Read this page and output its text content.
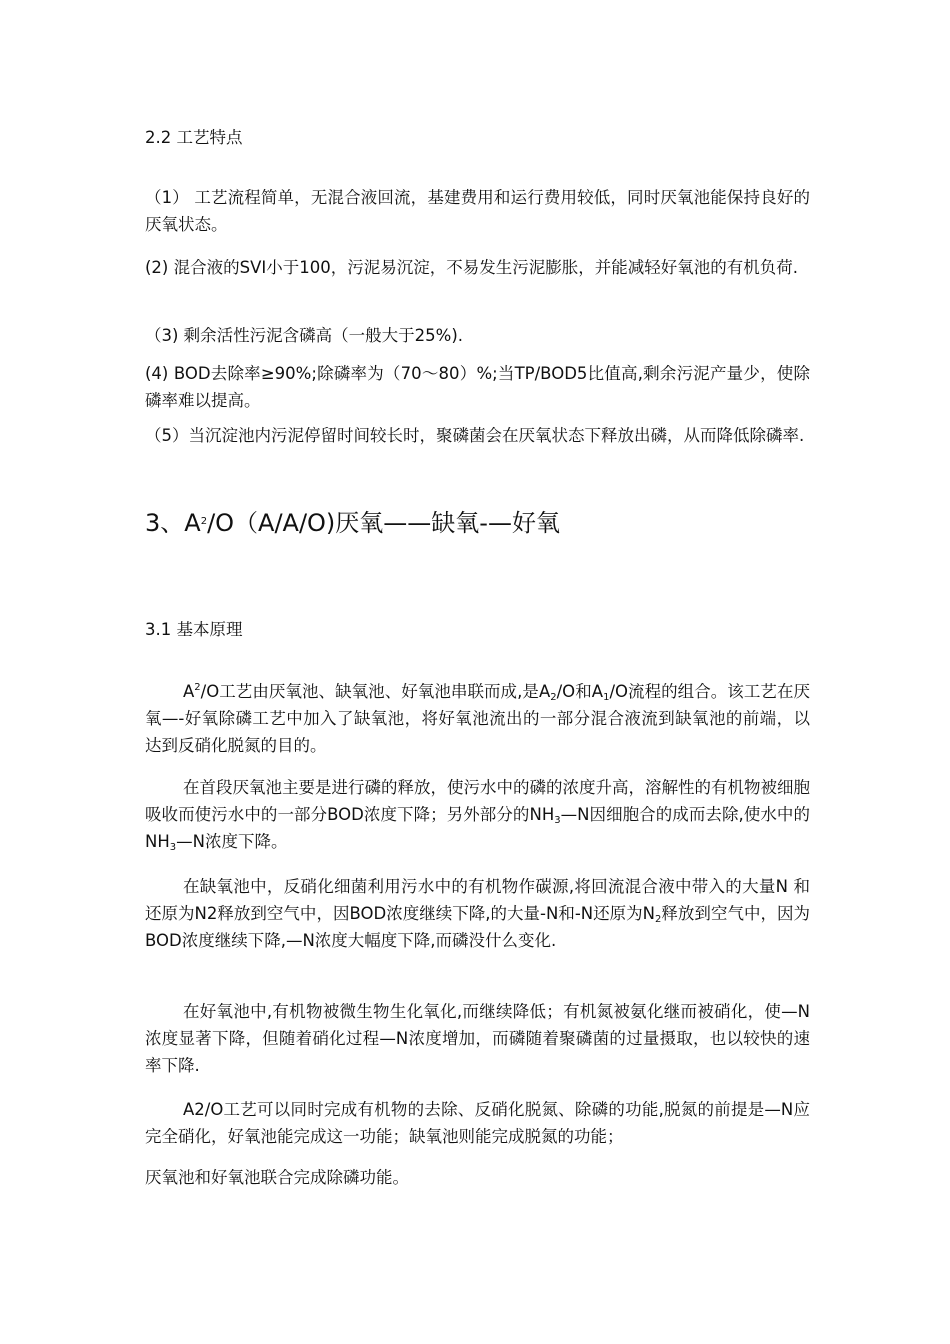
2.2 工艺特点

（1） 工艺流程简单，无混合液回流，基建费用和运行费用较低，同时厌氧池能保持良好的厌氧状态。

(2) 混合液的SVI小于100，污泥易沉淀，不易发生污泥膨胀，并能减轻好氧池的有机负荷.

（3) 剩余活性污泥含磷高（一般大于25%).

(4) BOD去除率≥90%;除磷率为（70～80）%;当TP/BOD5比值高,剩余污泥产量少，使除磷率难以提高。

（5）当沉淀池内污泥停留时间较长时，聚磷菌会在厌氧状态下释放出磷，从而降低除磷率.

3、$A^2/O(A/A/O)$厌氧——缺氧-—好氧
3.1 基本原理

$A^2/O$工艺由厌氧池、缺氧池、好氧池串联而成,是$A_2/O$和$A_1/O$流程的组合。该工艺在厌氧—-好氧除磷工艺中加入了缺氧池，将好氧池流出的一部分混合液流到缺氧池的前端，以达到反硝化脱氮的目的。

在首段厌氧池主要是进行磷的释放，使污水中的磷的浓度升高，溶解性的有机物被细胞吸收而使污水中的一部分BOD浓度下降；另外部分的$NH_3—N$因细胞合的成而去除,使水中的$NH_3—N$浓度下降。

在缺氧池中，反硝化细菌利用污水中的有机物作碳源,将回流混合液中带入的大量N 和还原为N2释放到空气中，因BOD浓度继续下降,的大量-N和-N还原为$N_2$释放到空气中，因为BOD浓度继续下降,—N浓度大幅度下降,而磷没什么变化.

在好氧池中,有机物被微生物生化氧化,而继续降低；有机氮被氨化继而被硝化，使—N浓度显著下降，但随着硝化过程—N浓度增加，而磷随着聚磷菌的过量摄取，也以较快的速率下降.

A2/O工艺可以同时完成有机物的去除、反硝化脱氮、除磷的功能,脱氮的前提是—N应完全硝化，好氧池能完成这一功能；缺氧池则能完成脱氮的功能；

厌氧池和好氧池联合完成除磷功能。
